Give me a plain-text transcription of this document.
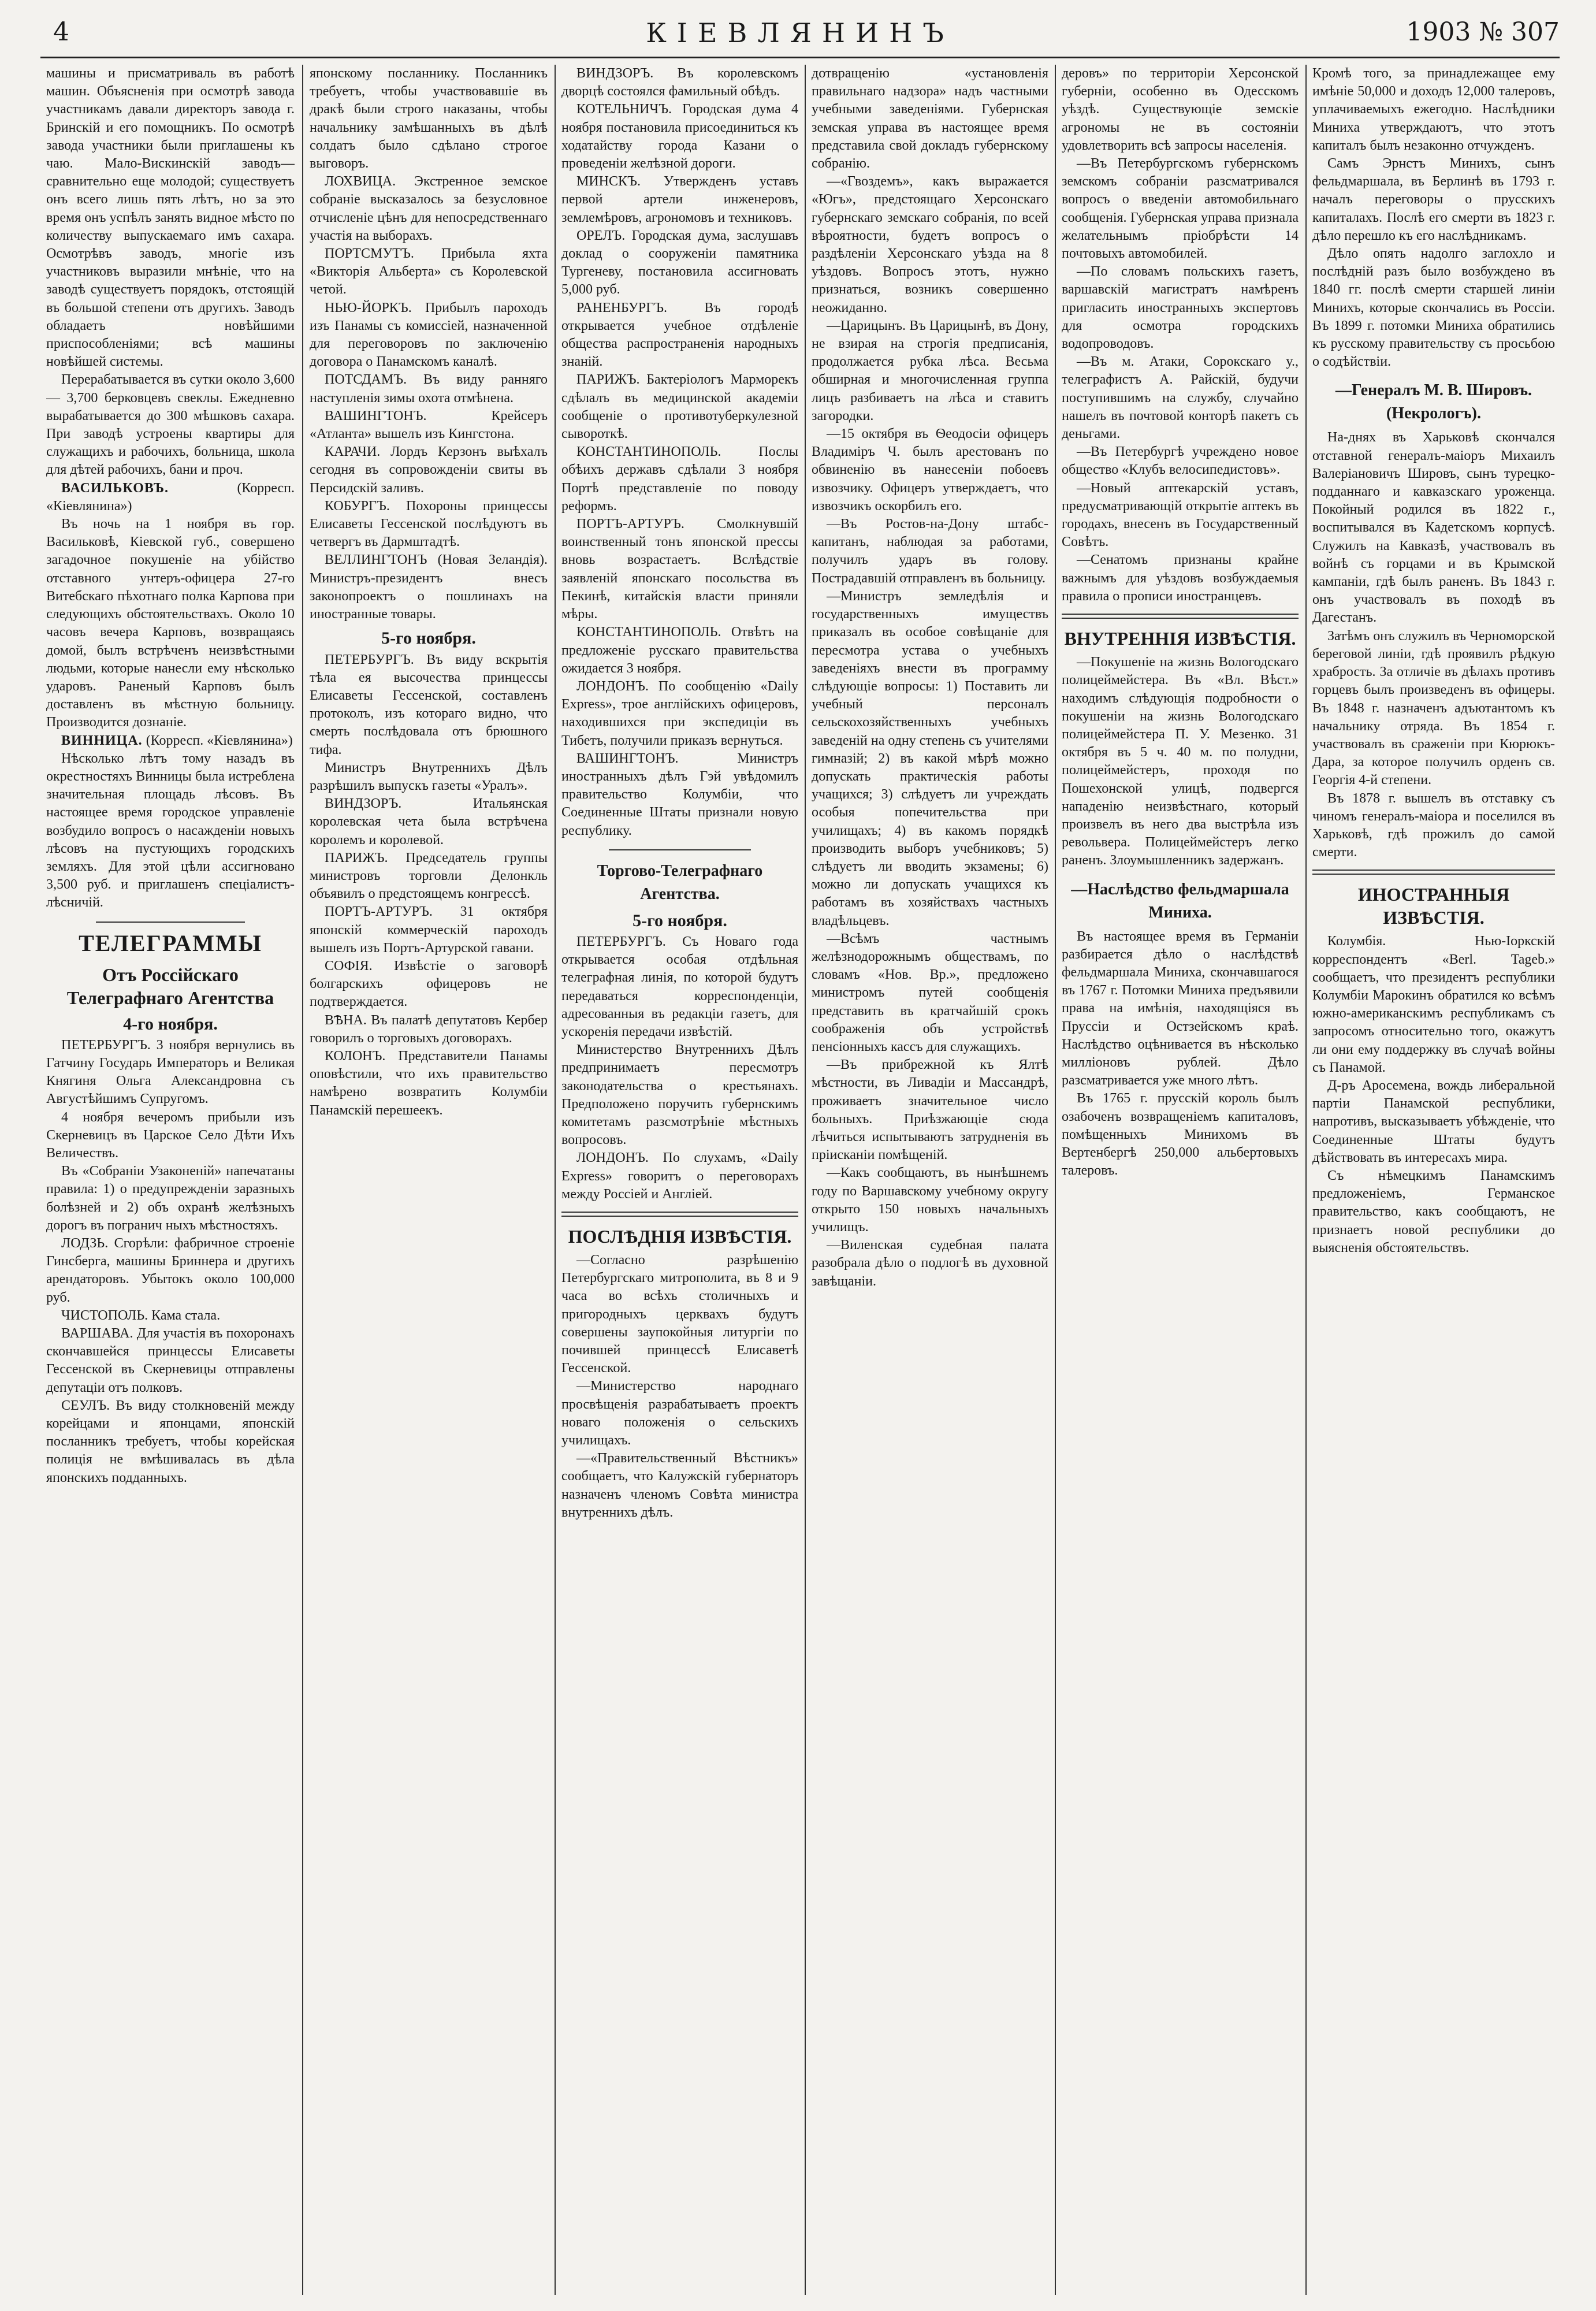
4	КІЕВЛЯНИНЪ	1903 № 307

машины и присматриваль въ работѣ машин. Объясненія при осмотрѣ завода участникамъ давали директоръ завода г. Бринскій и его помощникъ. По осмотрѣ завода участники были приглашены къ чаю. Мало-Вискинскій заводъ—сравнительно еще молодой; существуетъ онъ всего лишь пять лѣтъ, но за это время онъ успѣлъ занять видное мѣсто по количеству выпускаемаго имъ сахара. Осмотрѣвъ заводъ, многіе изъ участниковъ выразили мнѣніе, что на заводѣ существуетъ порядокъ, отстоящій въ большой степени отъ другихъ. Заводъ обладаетъ новѣйшими приспособленіями; всѣ машины новѣйшей системы.

Перерабатывается въ сутки около 3,600 — 3,700 берковцевъ свеклы. Ежедневно вырабатывается до 300 мѣшковъ сахара. При заводѣ устроены квартиры для служащихъ и рабочихъ, больница, школа для дѣтей рабочихъ, бани и проч.

ВАСИЛЬКОВЪ.	(Корресп. «Кіевлянина»)

Въ ночь на 1 ноября въ гор. Васильковѣ, Кіевской губ., совершено загадочное покушеніе на убійство отставного унтеръ-офицера 27-го Витебскаго пѣхотнаго полка Карпова при следующихъ обстоятельствахъ. Около 10 часовъ вечера Карповъ, возвращаясь домой, былъ встрѣченъ неизвѣстными людьми, которые нанесли ему нѣсколько ударовъ. Раненый Карповъ былъ доставленъ въ мѣстную больницу. Производится дознаніе.

ВИННИЦА. (Корресп. «Кіевлянина»)

Нѣсколько лѣтъ тому назадъ въ окрестностяхъ Винницы была истреблена значительная площадь лѣсовъ. Въ настоящее время городское управленіе возбудило вопросъ о насажденіи новыхъ лѣсовъ на пустующихъ городскихъ земляхъ. Для этой цѣли ассигновано 3,500 руб. и приглашенъ спеціалистъ-лѣсничій.

ТЕЛЕГРАММЫ
Отъ Россійскаго Телеграфнаго Агентства
4-го ноября.

ПЕТЕРБУРГЪ. 3 ноября вернулись въ Гатчину Государь Императоръ и Великая Княгиня Ольга Александровна съ Августѣйшимъ Супругомъ.

4 ноября вечеромъ прибыли изъ Скерневицъ въ Царское Село Дѣти Ихъ Величествъ.

Въ «Собраніи Узаконеній» напечатаны правила: 1) о предупрежденіи заразныхъ болѣзней и 2) объ охранѣ желѣзныхъ дорогъ въ погранич ныхъ мѣстностяхъ.

ЛОДЗЬ. Сгорѣли: фабричное строеніе Гинсберга, машины Бриннера и другихъ арендаторовъ. Убытокъ около 100,000 руб.

ЧИСТОПОЛЬ. Кама стала.

ВАРШАВА. Для участія въ похоронахъ скончавшейся принцессы Елисаветы Гессенской въ Скерневицы отправлены депутаціи отъ полковъ.

СЕУЛЪ. Въ виду столкновеній между корейцами и японцами, японскій посланникъ требуетъ, чтобы корейская полиція не вмѣшивалась въ дѣла японскихъ подданныхъ.

японскому посланнику. Посланникъ требуетъ, чтобы участвовавшіе въ дракѣ были строго наказаны, чтобы начальнику замѣшанныхъ въ дѣлѣ солдатъ было сдѣлано строгое выговоръ.

ЛОХВИЦА. Экстренное земское собраніе высказалось за безусловное отчисленіе цѣнъ для непосредственнаго участія на выборахъ.

ПОРТСМУТЪ. Прибыла яхта «Викторія Альберта» съ Королевской четой.

НЬЮ-ЙОРКЪ. Прибылъ пароходъ изъ Панамы съ комиссіей, назначенной для переговоровъ по заключенію договора о Панамскомъ каналѣ.

ПОТСДАМЪ. Въ виду ранняго наступленія зимы охота отмѣнена.

ВАШИНГТОНЪ. Крейсеръ «Атланта» вышелъ изъ Кингстона.

КАРАЧИ. Лордъ Керзонъ выѣхалъ сегодня въ сопровожденіи свиты въ Персидскій заливъ.

КОБУРГЪ. Похороны принцессы Елисаветы Гессенской послѣдуютъ въ четвергъ въ Дармштадтѣ.

ВЕЛЛИНГТОНЪ (Новая Зеландія). Министръ-президентъ внесъ законопроектъ о пошлинахъ на иностранные товары.

5-го ноября.

ПЕТЕРБУРГЪ. Въ виду вскрытія тѣла ея высочества принцессы Елисаветы Гессенской, составленъ протоколъ, изъ котораго видно, что смерть послѣдовала отъ брюшного тифа.

Министръ Внутреннихъ Дѣлъ разрѣшилъ выпускъ газеты «Уралъ».

ВИНДЗОРЪ. Итальянская королевская чета была встрѣчена королемъ и королевой.

ПАРИЖЪ. Председатель группы министровъ торговли Делонкль объявилъ о предстоящемъ конгрессѣ.

ПОРТЪ-АРТУРЪ. 31 октября японскій коммерческій пароходъ вышелъ изъ Портъ-Артурской гавани.

СОФІЯ. Извѣстіе о заговорѣ болгарскихъ офицеровъ не подтверждается.

ВѢНА. Въ палатѣ депутатовъ Кербер говорилъ о торговыхъ договорахъ.

КОЛОНЪ. Представители Панамы оповѣстили, что ихъ правительство намѣрено возвратить Колумбіи Панамскій перешеекъ.

ВИНДЗОРЪ. Въ королевскомъ дворцѣ состоялся фамильный обѣдъ.

КОТЕЛЬНИЧЪ. Городская дума 4 ноября постановила присоединиться къ ходатайству города Казани о проведеніи желѣзной дороги.

МИНСКЪ. Утвержденъ уставъ первой артели инженеровъ, землемѣровъ, агрономовъ и техниковъ.

ОРЕЛЪ. Городская дума, заслушавъ доклад о сооруженіи памятника Тургеневу, постановила ассигновать 5,000 руб.

РАНЕНБУРГЪ. Въ городѣ открывается учебное отдѣленіе общества распространенія народныхъ знаній.

ПАРИЖЪ. Бактеріологъ Марморекъ сдѣлалъ въ медицинской академіи сообщеніе о противотуберкулезной сывороткѣ.

КОНСТАНТИНОПОЛЬ. Послы обѣихъ державъ сдѣлали 3 ноября Портѣ представленіе по поводу реформъ.

ПОРТЪ-АРТУРЪ. Смолкнувшій воинственный тонъ японской прессы вновь возрастаетъ. Вслѣдствіе заявленій японскаго посольства въ Пекинѣ, китайскія власти приняли мѣры.

КОНСТАНТИНОПОЛЬ. Отвѣтъ на предложеніе русскаго правительства ожидается 3 ноября.

ЛОНДОНЪ. По сообщенію «Daily Express», трое англійскихъ офицеровъ, находившихся при экспедиціи въ Тибетъ, получили приказъ вернуться.

ВАШИНГТОНЪ. Министръ иностранныхъ дѣлъ Гэй увѣдомилъ правительство Колумбіи, что Соединенные Штаты признали новую республику.

Торгово-Телеграфнаго Агентства.
5-го ноября.

ПЕТЕРБУРГЪ. Съ Новаго года открывается особая отдѣльная телеграфная линія, по которой будутъ передаваться корреспонденціи, адресованныя въ редакціи газетъ, для ускоренія передачи извѣстій.

Министерство Внутреннихъ Дѣлъ предпринимаетъ пересмотръ законодательства о крестьянахъ. Предположено поручить губернскимъ комитетамъ разсмотрѣніе мѣстныхъ вопросовъ.

ЛОНДОНЪ. По слухамъ, «Daily Express» говоритъ о переговорахъ между Россіей и Англіей.

ПОСЛѢДНІЯ ИЗВѢСТІЯ.

—Согласно разрѣшенію Петербургскаго митрополита, въ 8 и 9 часа во всѣхъ столичныхъ и пригородныхъ церквахъ будутъ совершены заупокойныя литургіи по почившей принцессѣ Елисаветѣ Гессенской.

—Министерство народнаго просвѣщенія разрабатываетъ проектъ новаго положенія о сельскихъ училищахъ.

—«Правительственный Вѣстникъ» сообщаетъ, что Калужскій губернаторъ назначенъ членомъ Совѣта министра внутреннихъ дѣлъ.

дотвращенію «установленія правильнаго надзора» надъ частными учебными заведеніями. Губернская земская управа въ настоящее время представила свой докладъ губернскому собранію.

—«Гвоздемъ», какъ выражается «Югъ», предстоящаго Херсонскаго губернскаго земскаго собранія, по всей вѣроятности, будетъ вопросъ о раздѣленіи Херсонскаго уѣзда на 8 уѣздовъ. Вопросъ этотъ, нужно признаться, возникъ совершенно неожиданно.

—Царицынъ. Въ Царицынѣ, въ Дону, не взирая на строгія предписанія, продолжается рубка лѣса. Весьма обширная и многочисленная группа лицъ разбиваетъ на лѣса и ставитъ загородки.

—15 октября въ Ѳеодосіи офицеръ Владиміръ Ч. былъ арестованъ по обвиненію въ нанесеніи побоевъ извозчику. Офицеръ утверждаетъ, что извозчикъ оскорбилъ его.

—Въ Ростов-на-Дону штабс-капитанъ, наблюдая за работами, получилъ ударъ въ голову. Пострадавшій отправленъ въ больницу.

—Министръ земледѣлія и государственныхъ имуществъ приказалъ въ особое совѣщаніе для пересмотра устава о учебныхъ заведеніяхъ внести въ программу слѣдующіе вопросы: 1) Поставить ли учебный персоналъ сельскохозяйственныхъ учебныхъ заведеній на одну степень съ учителями гимназій; 2) въ какой мѣрѣ можно допускать практическія работы учащихся; 3) слѣдуетъ ли учреждать особыя попечительства при училищахъ; 4) въ какомъ порядкѣ производить выборъ учебниковъ; 5) слѣдуетъ ли вводить экзамены; 6) можно ли допускать учащихся къ работамъ въ хозяйствахъ частныхъ владѣльцевъ.

—Всѣмъ частнымъ желѣзнодорожнымъ обществамъ, по словамъ «Нов. Вр.», предложено министромъ путей сообщенія представить въ кратчайшій срокъ соображенія объ устройствѣ пенсіонныхъ кассъ для служащихъ.

—Въ прибрежной къ Ялтѣ мѣстности, въ Ливадіи и Массандрѣ, проживаетъ значительное число больныхъ. Приѣзжающіе сюда лѣчиться испытываютъ затрудненія въ пріисканіи помѣщеній.

—Какъ сообщаютъ, въ нынѣшнемъ году по Варшавскому учебному округу открыто 150 новыхъ начальныхъ училищъ.

—Виленская судебная палата разобрала дѣло о подлогѣ въ духовной завѣщаніи.

деровъ» по территоріи Херсонской губерніи, особенно въ Одесскомъ уѣздѣ. Существующіе земскіе агрономы не въ состояніи удовлетворить всѣ запросы населенія.

—Въ Петербургскомъ губернскомъ земскомъ собраніи разсматривался вопросъ о введеніи автомобильнаго сообщенія. Губернская управа признала желательнымъ пріобрѣсти 14 почтовыхъ автомобилей.

—По словамъ польскихъ газетъ, варшавскій магистратъ намѣренъ пригласить иностранныхъ экспертовъ для осмотра городскихъ водопроводовъ.

—Въ м. Атаки, Сорокскаго у., телеграфистъ А. Райскій, будучи поступившимъ на службу, случайно нашелъ въ почтовой конторѣ пакетъ съ деньгами.

—Въ Петербургѣ учреждено новое общество «Клубъ велосипедистовъ».

—Новый аптекарскій уставъ, предусматривающій открытіе аптекъ въ городахъ, внесенъ въ Государственный Совѣтъ.

—Сенатомъ признаны крайне важнымъ для уѣздовъ возбуждаемыя правила о прописи иностранцевъ.

ВНУТРЕННІЯ ИЗВѢСТІЯ.

—Покушеніе на жизнь Вологодскаго полицеймейстера. Въ «Вл. Вѣст.» находимъ слѣдующія подробности о покушеніи на жизнь Вологодскаго полицеймейстера П. У. Мезенко. 31 октября въ 5 ч. 40 м. по полудни, полицеймейстеръ, проходя по Пошехонской улицѣ, подвергся нападенію неизвѣстнаго, который произвелъ въ него два выстрѣла изъ револьвера. Полицеймейстеръ легко раненъ. Злоумышленникъ задержанъ.

—Наслѣдство фельдмаршала Миниха.

Въ настоящее время въ Германіи разбирается дѣло о наслѣдствѣ фельдмаршала Миниха, скончавшагося въ 1767 г. Потомки Миниха предъявили права на имѣнія, находящіяся въ Пруссіи и Остзейскомъ краѣ. Наслѣдство оцѣнивается въ нѣсколько милліоновъ рублей. Дѣло разсматривается уже много лѣтъ.

Въ 1765 г. прусскій король былъ озабоченъ возвращеніемъ капиталовъ, помѣщенныхъ Минихомъ въ Вертенбергѣ 250,000 альбертовыхъ талеровъ.

Кромѣ того, за принадлежащее ему имѣніе 50,000 и доходъ 12,000 талеровъ, уплачиваемыхъ ежегодно. Наслѣдники Миниха утверждаютъ, что этотъ капиталъ былъ незаконно отчужденъ.

Самъ Эрнстъ Минихъ, сынъ фельдмаршала, въ Берлинѣ въ 1793 г. началъ переговоры о прусскихъ капиталахъ. Послѣ его смерти въ 1823 г. дѣло перешло къ его наслѣдникамъ.

Дѣло опять надолго заглохло и послѣдній разъ было возбуждено въ 1840 гг. послѣ смерти старшей линіи Минихъ, которые скончались въ Россіи. Въ 1899 г. потомки Миниха обратились къ русскому правительству съ просьбою о содѣйствіи.

—Генералъ М. В. Шировъ. (Некрологъ).

На-днях въ Харьковѣ скончался отставной генералъ-маіоръ Михаилъ Валеріановичъ Шировъ, сынъ турецко-подданнаго и кавказскаго уроженца. Покойный родился въ 1822 г., воспитывался въ Кадетскомъ корпусѣ. Служилъ на Кавказѣ, участвовалъ въ войнѣ съ горцами и въ Крымской кампаніи, гдѣ былъ раненъ. Въ 1843 г. онъ участвовалъ въ походѣ въ Дагестанъ.

Затѣмъ онъ служилъ въ Черноморской береговой линіи, гдѣ проявилъ рѣдкую храбрость. За отличіе въ дѣлахъ противъ горцевъ былъ произведенъ въ офицеры. Въ 1848 г. назначенъ адъютантомъ къ начальнику отряда. Въ 1854 г. участвовалъ въ сраженіи при Кюрюкъ-Дара, за которое получилъ орденъ св. Георгія 4-й степени.

Въ 1878 г. вышелъ въ отставку съ чиномъ генералъ-маіора и поселился въ Харьковѣ, гдѣ прожилъ до самой смерти.

ИНОСТРАННЫЯ ИЗВѢСТІЯ.

Колумбія. Нью-Іоркскій корреспондентъ «Berl. Tageb.» сообщаетъ, что президентъ республики Колумбіи Марокинъ обратился ко всѣмъ южно-американскимъ республикамъ съ запросомъ относительно того, окажутъ ли они ему поддержку въ случаѣ войны съ Панамой.

Д-ръ Аросемена, вождь либеральной партіи Панамской республики, напротивъ, высказываетъ убѣжденіе, что Соединенные Штаты будутъ дѣйствовать въ интересахъ мира.

Съ нѣмецкимъ Панамскимъ предложеніемъ, Германское правительство, какъ сообщаютъ, не признаетъ новой республики до выясненія обстоятельствъ.
